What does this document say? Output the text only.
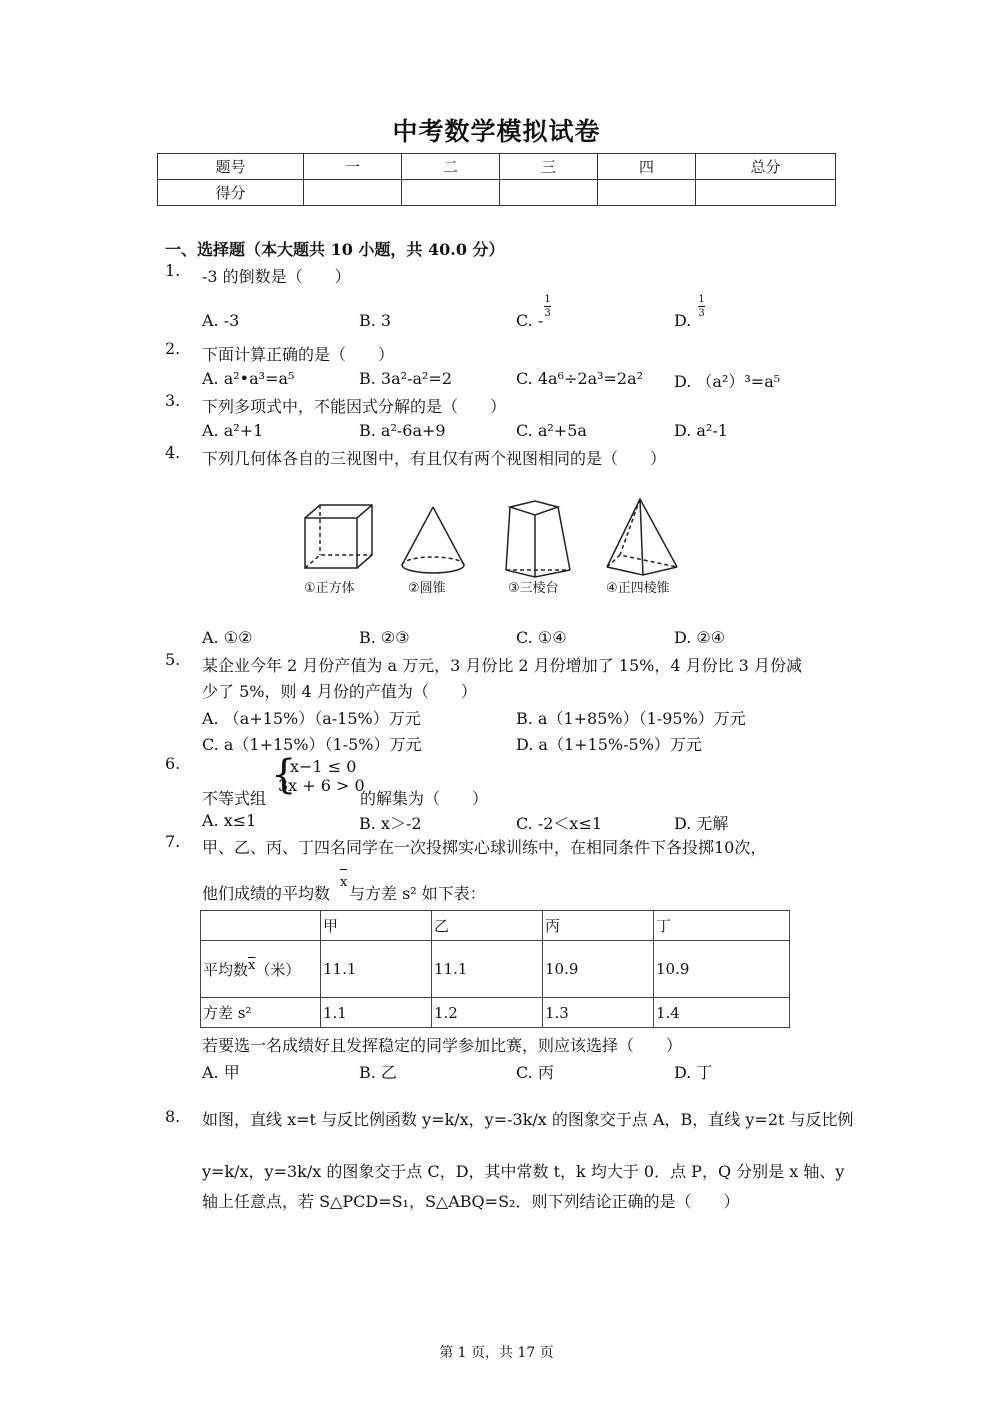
中考数学模拟试卷
题号	一	二	三	四	总分
得分					
一、选择题（本大题共 10 小题，共 40.0 分）
1. -3 的倒数是（　　）
A. -3	B. 3	C. -
1
3	D.
1
3
2. 下面计算正确的是（　　）
A. a²•a³=a⁵	B. 3a²-a²=2	C. 4a⁶÷2a³=2a² D. （a²）³=a⁵
3. 下列多项式中，不能因式分解的是（　　）
A. a²+1	B. a²-6a+9	C. a²+5a	D. a²-1
4. 下列几何体各自的三视图中，有且仅有两个视图相同的是（　　）
①正方体	②圆锥	③三棱台	④正四棱锥
A. ①②	B. ②③	C. ①④	D. ②④
5. 某企业今年 2 月份产值为 a 万元，3 月份比 2 月份增加了 15%，4 月份比 3 月份减
少了 5%，则 4 月份的产值为（　　）
A. （a+15%）（a-15%）万元	B. a（1+85%）（1-95%）万元
C. a（1+15%）（1-5%）万元	D. a（1+15%-5%）万元
6. {
x−1 ≤ 0
3x + 6 > 0
不等式组	的解集为（　　）
A. x≤1	B. x＞-2	C. -2＜x≤1	D. 无解
7. 甲、乙、丙、丁四名同学在一次投掷实心球训练中，在相同条件下各投掷10次，
他们成绩的平均数
x
与方差 s² 如下表：
	甲	乙	丙	丁
平均数$\overline{x}$（米）	11.1	11.1	10.9	10.9
方差 s²	1.1	1.2	1.3	1.4
若要选一名成绩好且发挥稳定的同学参加比赛，则应该选择（　　）
A. 甲	B. 乙	C. 丙	D. 丁
8. 如图，直线 x=t 与反比例函数 y=k/x，y=-3k/x 的图象交于点 A，B，直线 y=2t 与反比例
y=k/x，y=3k/x 的图象交于点 C，D，其中常数 t，k 均大于 0．点 P，Q 分别是 x 轴、y
轴上任意点，若 S△PCD=S₁，S△ABQ=S₂．则下列结论正确的是（　　）
第 1 页，共 17 页
